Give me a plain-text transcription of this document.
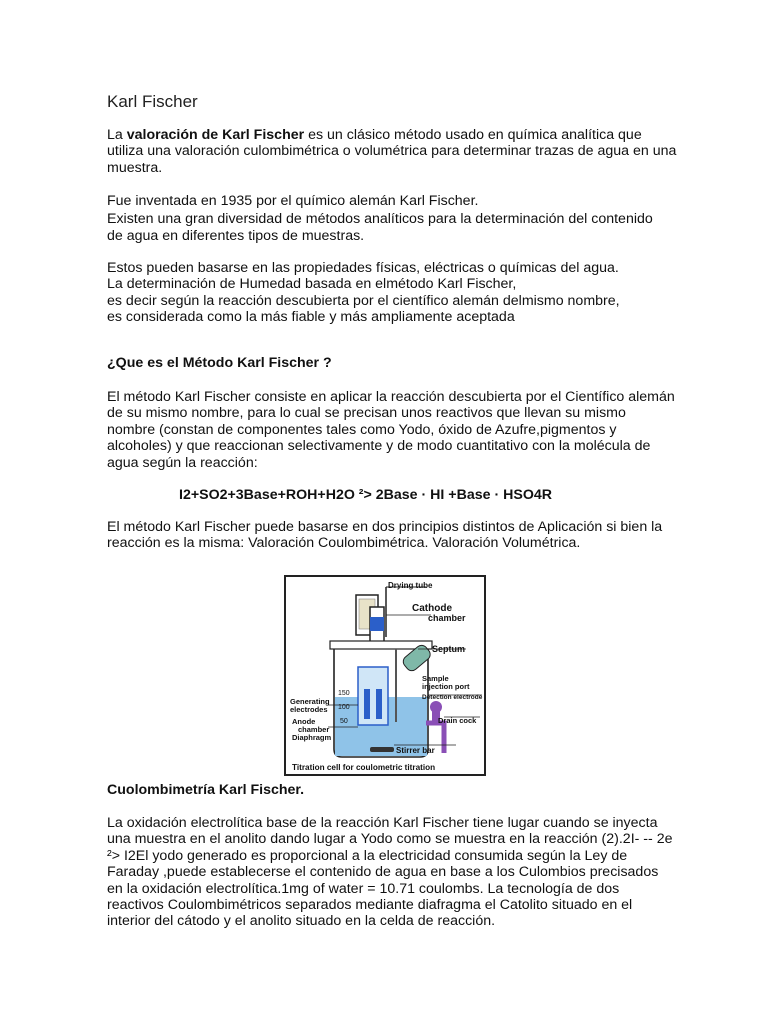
Karl Fischer

La valoración de Karl Fischer es un clásico método usado en química analítica que
utiliza una valoración culombimétrica o volumétrica para determinar trazas de agua en una
muestra.

Fue inventada en 1935 por el químico alemán Karl Fischer.
Existen una gran diversidad de métodos analíticos para la determinación del contenido
de agua en diferentes tipos de muestras.

Estos pueden basarse en las propiedades físicas, eléctricas o químicas del agua.
La determinación de Humedad basada en elmétodo Karl Fischer,
es decir según la reacción descubierta por el científico alemán delmismo nombre,
es considerada como la más fiable y más ampliamente aceptada

¿Que es el Método Karl Fischer ?

El método Karl Fischer consiste en aplicar la reacción descubierta por el Científico alemán
de su mismo nombre, para lo cual se precisan unos reactivos que llevan su mismo
nombre (constan de componentes tales como Yodo, óxido de Azufre,pigmentos y
alcoholes) y que reaccionan selectivamente y de modo cuantitativo con la molécula de
agua según la reacción:

I2+SO2+3Base+ROH+H2O ²> 2Base · HI +Base · HSO4R

El método Karl Fischer puede basarse en dos principios distintos de Aplicación si bien la
reacción es la misma: Valoración Coulombimétrica. Valoración Volumétrica.

150
100
50
Drying tube
Cathode
chamber
Septum
Sample
injection port
Detection electrode
Generating
electrodes
Anode
chamber
Diaphragm
Drain cock
Stirrer bar
Titration cell for coulometric titration
Cuolombimetría Karl Fischer.

La oxidación electrolítica base de la reacción Karl Fischer tiene lugar cuando se inyecta
una muestra en el anolito dando lugar a Yodo como se muestra en la reacción (2).2I- -- 2e
²> I2El yodo generado es proporcional a la electricidad consumida según la Ley de
Faraday ,puede establecerse el contenido de agua en base a los Culombios precisados
en la oxidación electrolítica.1mg of water = 10.71 coulombs. La tecnología de dos
reactivos Coulombimétricos separados mediante diafragma el Catolito situado en el
interior del cátodo y el anolito situado en la celda de reacción.
